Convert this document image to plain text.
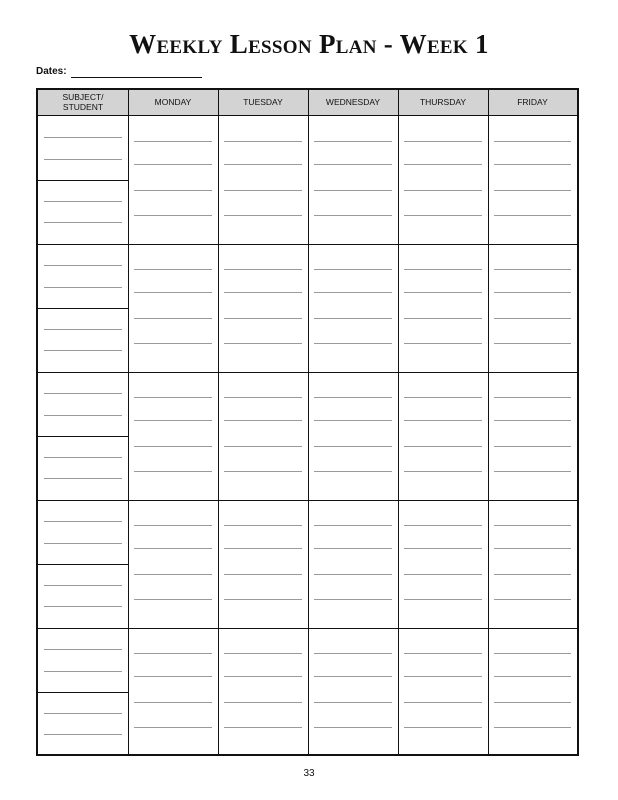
Weekly Lesson Plan - Week 1
Dates:
SUBJECT/
STUDENT	MONDAY	TUESDAY	WEDNESDAY	THURSDAY	FRIDAY
33
